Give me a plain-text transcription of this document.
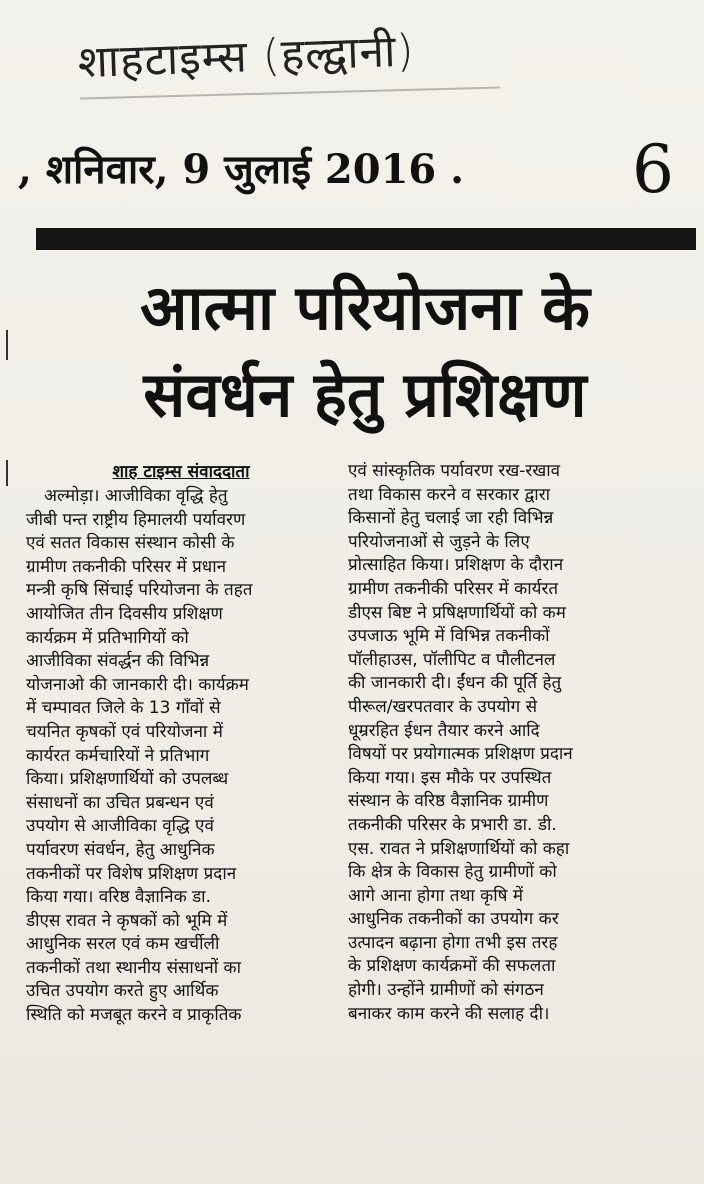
शाहटाइम्स (हल्द्वानी)
, शनिवार, 9 जुलाई 2016 .	6
आत्मा परियोजना के
संवर्धन हेतु प्रशिक्षण
शाह टाइम्स संवाददाता
अल्मोड़ा। आजीविका वृद्धि हेतु
जीबी पन्त राष्ट्रीय हिमालयी पर्यावरण
एवं सतत विकास संस्थान कोसी के
ग्रामीण तकनीकी परिसर में प्रधान
मन्त्री कृषि सिंचाई परियोजना के तहत
आयोजित तीन दिवसीय प्रशिक्षण
कार्यक्रम में प्रतिभागियों को
आजीविका संवर्द्धन की विभिन्न
योजनाओ की जानकारी दी। कार्यक्रम
में चम्पावत जिले के 13 गाँवों से
चयनित कृषकों एवं परियोजना में
कार्यरत कर्मचारियों ने प्रतिभाग
किया। प्रशिक्षणार्थियों को उपलब्ध
संसाधनों का उचित प्रबन्धन एवं
उपयोग से आजीविका वृद्धि एवं
पर्यावरण संवर्धन, हेतु आधुनिक
तकनीकों पर विशेष प्रशिक्षण प्रदान
किया गया। वरिष्ठ वैज्ञानिक डा.
डीएस रावत ने कृषकों को भूमि में
आधुनिक सरल एवं कम खर्चीली
तकनीकों तथा स्थानीय संसाधनों का
उचित उपयोग करते हुए आर्थिक
स्थिति को मजबूत करने व प्राकृतिक
एवं सांस्कृतिक पर्यावरण रख-रखाव
तथा विकास करने व सरकार द्वारा
किसानों हेतु चलाई जा रही विभिन्न
परियोजनाओं से जुड़ने के लिए
प्रोत्साहित किया। प्रशिक्षण के दौरान
ग्रामीण तकनीकी परिसर में कार्यरत
डीएस बिष्ट ने प्रषिक्षणार्थियों को कम
उपजाऊ भूमि में विभिन्न तकनीकों
पॉलीहाउस, पॉलीपिट व पौलीटनल
की जानकारी दी। ईंधन की पूर्ति हेतु
पीरूल/खरपतवार के उपयोग से
धूम्ररहित ईधन तैयार करने आदि
विषयों पर प्रयोगात्मक प्रशिक्षण प्रदान
किया गया। इस मौके पर उपस्थित
संस्थान के वरिष्ठ वैज्ञानिक ग्रामीण
तकनीकी परिसर के प्रभारी डा. डी.
एस. रावत ने प्रशिक्षणार्थियों को कहा
कि क्षेत्र के विकास हेतु ग्रामीणों को
आगे आना होगा तथा कृषि में
आधुनिक तकनीकों का उपयोग कर
उत्पादन बढ़ाना होगा तभी इस तरह
के प्रशिक्षण कार्यक्रमों की सफलता
होगी। उन्होंने ग्रामीणों को संगठन
बनाकर काम करने की सलाह दी।
